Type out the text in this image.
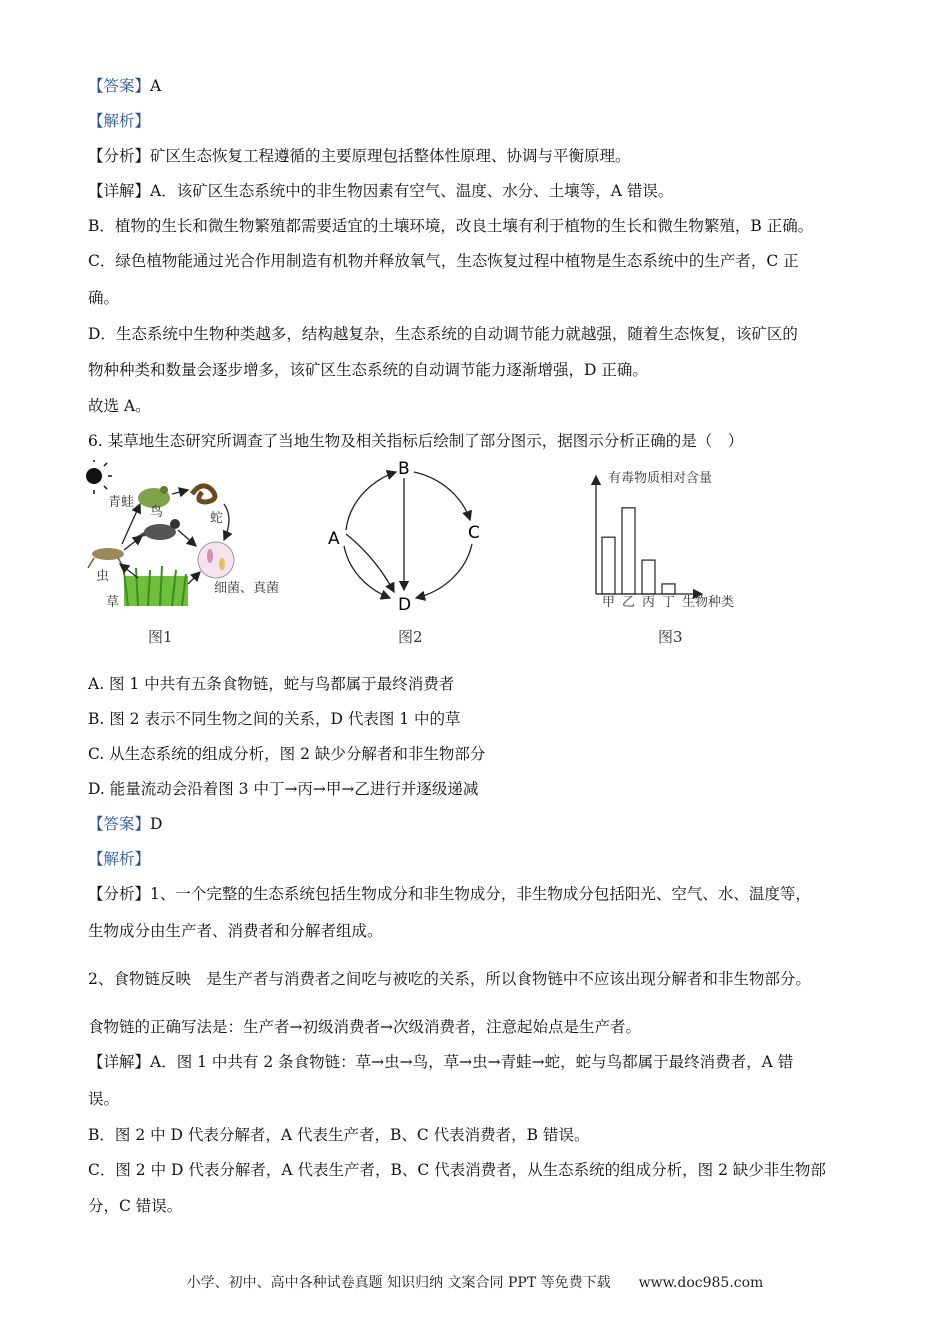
【答案】A
【解析】
【分析】矿区生态恢复工程遵循的主要原理包括整体性原理、协调与平衡原理。
【详解】A．该矿区生态系统中的非生物因素有空气、温度、水分、土壤等，A 错误。
B．植物的生长和微生物繁殖都需要适宜的土壤环境，改良土壤有利于植物的生长和微生物繁殖，B 正确。
C．绿色植物能通过光合作用制造有机物并释放氧气，生态恢复过程中植物是生态系统中的生产者，C 正
确。
D．生态系统中生物种类越多，结构越复杂，生态系统的自动调节能力就越强，随着生态恢复，该矿区的
物种种类和数量会逐步增多，该矿区生态系统的自动调节能力逐渐增强，D 正确。
故选 A。
6. 某草地生态研究所调查了当地生物及相关指标后绘制了部分图示，据图示分析正确的是（　）
青蛙
蛇
鸟
虫
草
细菌、真菌
图1
B
C
A
D
图2
有毒物质相对含量
生物种类
甲 乙 丙 丁
图3
A. 图 1 中共有五条食物链，蛇与鸟都属于最终消费者
B. 图 2 表示不同生物之间的关系，D 代表图 1 中的草
C. 从生态系统的组成分析，图 2 缺少分解者和非生物部分
D. 能量流动会沿着图 3 中丁→丙→甲→乙进行并逐级递减
【答案】D
【解析】
【分析】1、一个完整的生态系统包括生物成分和非生物成分，非生物成分包括阳光、空气、水、温度等，
生物成分由生产者、消费者和分解者组成。
2、食物链反映　是生产者与消费者之间吃与被吃的关系，所以食物链中不应该出现分解者和非生物部分。
食物链的正确写法是：生产者→初级消费者→次级消费者，注意起始点是生产者。
【详解】A．图 1 中共有 2 条食物链：草→虫→鸟，草→虫→青蛙→蛇，蛇与鸟都属于最终消费者，A 错
误。
B．图 2 中 D 代表分解者，A 代表生产者，B、C 代表消费者，B 错误。
C．图 2 中 D 代表分解者，A 代表生产者，B、C 代表消费者，从生态系统的组成分析，图 2 缺少非生物部
分，C 错误。
小学、初中、高中各种试卷真题 知识归纳 文案合同 PPT 等免费下载　　www.doc985.com
